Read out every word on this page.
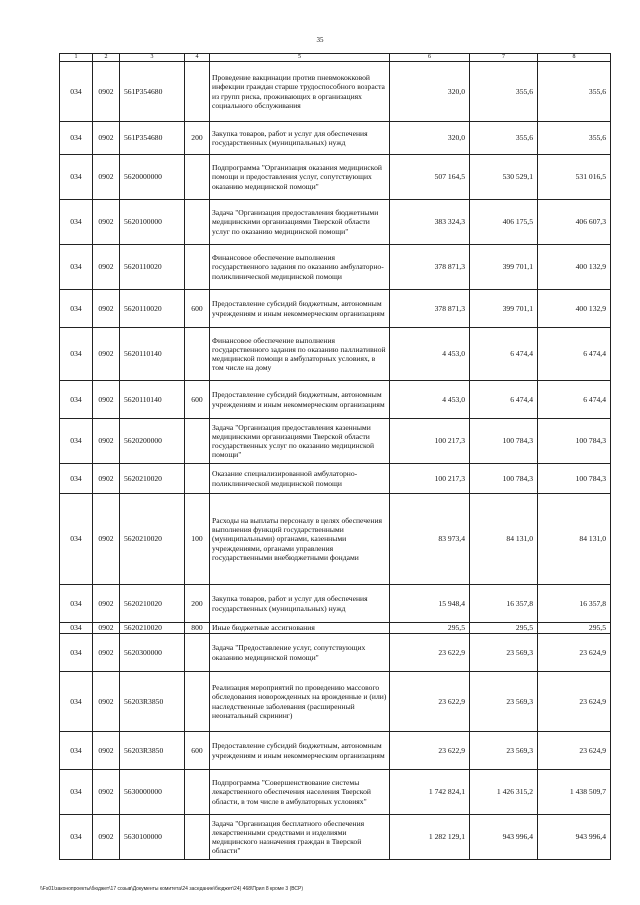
35
1	2	3	4	5	6	7	8
034	0902	561P354680		Проведение вакцинации против пневмококковой инфекции граждан старше трудоспособного возраста из групп риска, проживающих в организациях социального обслуживания	320,0	355,6	355,6
034	0902	561P354680	200	Закупка товаров, работ и услуг для обеспечения государственных (муниципальных) нужд	320,0	355,6	355,6
034	0902	5620000000		Подпрограмма "Организация оказания медицинской помощи и предоставления услуг, сопутствующих оказанию медицинской помощи"	507 164,5	530 529,1	531 016,5
034	0902	5620100000		Задача "Организация предоставления бюджетными медицинскими организациями Тверской области услуг по оказанию медицинской помощи"	383 324,3	406 175,5	406 607,3
034	0902	5620110020		Финансовое обеспечение выполнения государственного задания по оказанию амбулаторно-поликлинической медицинской помощи	378 871,3	399 701,1	400 132,9
034	0902	5620110020	600	Предоставление субсидий бюджетным, автономным учреждениям и иным некоммерческим организациям	378 871,3	399 701,1	400 132,9
034	0902	5620110140		Финансовое обеспечение выполнения государственного задания по оказанию паллиативной медицинской помощи в амбулаторных условиях, в том числе на дому	4 453,0	6 474,4	6 474,4
034	0902	5620110140	600	Предоставление субсидий бюджетным, автономным учреждениям и иным некоммерческим организациям	4 453,0	6 474,4	6 474,4
034	0902	5620200000		Задача "Организация предоставления казенными медицинскими организациями Тверской области государственных услуг по оказанию медицинской помощи"	100 217,3	100 784,3	100 784,3
034	0902	5620210020		Оказание специализированной амбулаторно-поликлинической медицинской помощи	100 217,3	100 784,3	100 784,3
034	0902	5620210020	100	Расходы на выплаты персоналу в целях обеспечения выполнения функций государственными (муниципальными) органами, казенными учреждениями, органами управления государственными внебюджетными фондами	83 973,4	84 131,0	84 131,0
034	0902	5620210020	200	Закупка товаров, работ и услуг для обеспечения государственных (муниципальных) нужд	15 948,4	16 357,8	16 357,8
034	0902	5620210020	800	Иные бюджетные ассигнования	295,5	295,5	295,5
034	0902	5620300000		Задача "Предоставление услуг, сопутствующих оказанию медицинской помощи"	23 622,9	23 569,3	23 624,9
034	0902	56203R3850		Реализация мероприятий по проведению массового обследования новорожденных на врожденные и (или) наследственные заболевания (расширенный неонатальный скрининг)	23 622,9	23 569,3	23 624,9
034	0902	56203R3850	600	Предоставление субсидий бюджетным, автономным учреждениям и иным некоммерческим организациям	23 622,9	23 569,3	23 624,9
034	0902	5630000000		Подпрограмма "Совершенствование системы лекарственного обеспечения населения Тверской области, в том числе в амбулаторных условиях"	1 742 824,1	1 426 315,2	1 438 509,7
034	0902	5630100000		Задача "Организация бесплатного обеспечения лекарственными средствами и изделиями медицинского назначения граждан в Тверской области"	1 282 129,1	943 996,4	943 996,4
\\Fs01\законопроекты\бюджет\17 созыв\Документы комитета\24 заседание\бюджет\24) 468\Прил 8 кроме 3 (ВСР)
